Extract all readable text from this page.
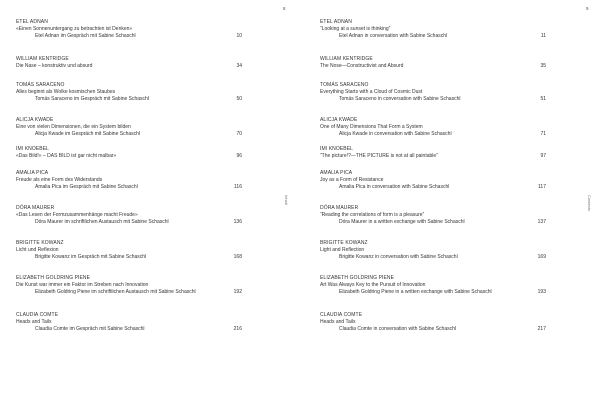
8
Inhalt
ETEL ADNAN
«Einen Sonnenuntergang zu betrachten ist Denken»
Etel Adnan im Gespräch mit Sabine Schaschl	10
WILLIAM KENTRIDGE
Die Nase – konstruktiv und absurd	34
TOMÁS SARACENO
Alles beginnt als Wolke kosmischen Staubes
Tomás Saraceno im Gespräch mit Sabine Schaschl	50
ALICJA KWADE
Eine von vielen Dimensionen, die ein System bilden
Alicja Kwade im Gespräch mit Sabine Schaschl	70
IMI KNOEBEL
«Das Bild!» – DAS BILD ist gar nicht malbar»	96
AMALIA PICA
Freude als eine Form des Widerstands
Amalia Pica im Gespräch mit Sabine Schaschl	116
DÓRA MAURER
«Das Lesen der Formzusammenhänge macht Freude»
Dóra Maurer im schriftlichen Austausch mit Sabine Schaschl	136
BRIGITTE KOWANZ
Licht und Reflexion
Brigitte Kowanz im Gespräch mit Sabine Schaschl	168
ELIZABETH GOLDRING PIENE
Die Kunst war immer ein Faktor im Streben nach Innovation
Elizabeth Goldring Piene im schriftlichen Austausch mit Sabine Schaschl	192
CLAUDIA COMTE
Heads and Tails
Claudia Comte im Gespräch mit Sabine Schaschl	216
9
Contents
ETEL ADNAN
“Looking at a sunset is thinking”
Etel Adnan in conversation with Sabine Schaschl	11
WILLIAM KENTRIDGE
The Nose—Constructivist and Absurd	35
TOMÁS SARACENO
Everything Starts with a Cloud of Cosmic Dust
Tomás Saraceno in conversation with Sabine Schaschl	51
ALICJA KWADE
One of Many Dimensions That Form a System
Alicja Kwade in conversation with Sabine Schaschl	71
IMI KNOEBEL
“The picture!?—THE PICTURE is not at all paintable”	97
AMALIA PICA
Joy as a Form of Resistance
Amalia Pica in conversation with Sabine Schaschl	117
DÓRA MAURER
“Reading the correlations of form is a pleasure”
Dóra Maurer in a written exchange with Sabine Schaschl	137
BRIGITTE KOWANZ
Light and Reflection
Brigitte Kowanz in conversation with Sabine Schaschl	169
ELIZABETH GOLDRING PIENE
Art Was Always Key to the Pursuit of Innovation
Elizabeth Goldring Piene in a written exchange with Sabine Schaschl	193
CLAUDIA COMTE
Heads and Tails
Claudia Comte in conversation with Sabine Schaschl	217
